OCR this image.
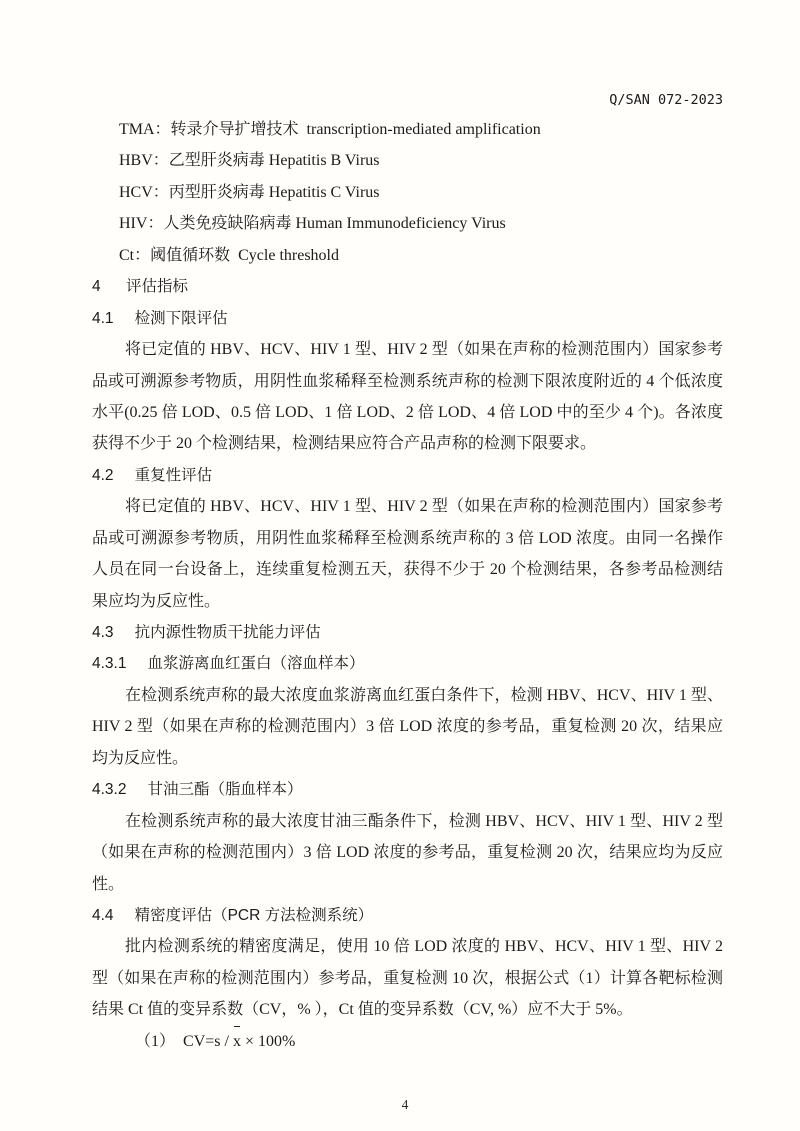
Q/SAN 072-2023
TMA：转录介导扩增技术  transcription-mediated amplification
HBV：乙型肝炎病毒 Hepatitis B Virus
HCV：丙型肝炎病毒 Hepatitis C Virus
HIV：人类免疫缺陷病毒 Human Immunodeficiency Virus
Ct：阈值循环数  Cycle threshold
4 评估指标
4.1 检测下限评估
将已定值的 HBV、HCV、HIV 1 型、HIV 2 型（如果在声称的检测范围内）国家参考
品或可溯源参考物质，用阴性血浆稀释至检测系统声称的检测下限浓度附近的 4 个低浓度
水平(0.25 倍 LOD、0.5 倍 LOD、1 倍 LOD、2 倍 LOD、4 倍 LOD 中的至少 4 个)。各浓度
获得不少于 20 个检测结果，检测结果应符合产品声称的检测下限要求。
4.2 重复性评估
将已定值的 HBV、HCV、HIV 1 型、HIV 2 型（如果在声称的检测范围内）国家参考
品或可溯源参考物质，用阴性血浆稀释至检测系统声称的 3 倍 LOD 浓度。由同一名操作
人员在同一台设备上，连续重复检测五天，获得不少于 20 个检测结果，各参考品检测结
果应均为反应性。
4.3 抗内源性物质干扰能力评估
4.3.1 血浆游离血红蛋白（溶血样本）
在检测系统声称的最大浓度血浆游离血红蛋白条件下，检测 HBV、HCV、HIV 1 型、
HIV 2 型（如果在声称的检测范围内）3 倍 LOD 浓度的参考品，重复检测 20 次，结果应
均为反应性。
4.3.2 甘油三酯（脂血样本）
在检测系统声称的最大浓度甘油三酯条件下，检测 HBV、HCV、HIV 1 型、HIV 2 型
（如果在声称的检测范围内）3 倍 LOD 浓度的参考品，重复检测 20 次，结果应均为反应
性。
4.4 精密度评估（PCR 方法检测系统）
批内检测系统的精密度满足，使用 10 倍 LOD 浓度的 HBV、HCV、HIV 1 型、HIV 2
型（如果在声称的检测范围内）参考品，重复检测 10 次，根据公式（1）计算各靶标检测
结果 Ct 值的变异系数（CV，% ），Ct 值的变异系数（CV, %）应不大于 5%。
（1） CV=s / x × 100%
4
